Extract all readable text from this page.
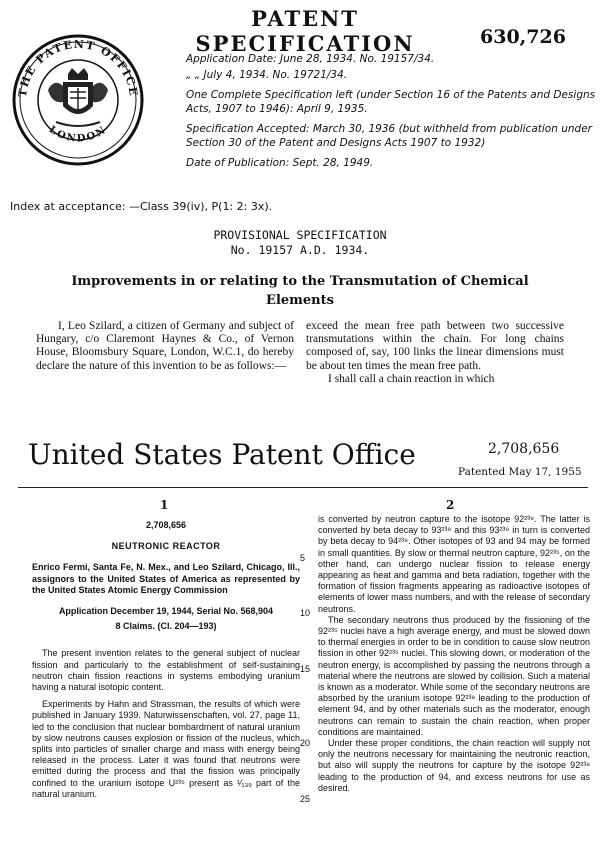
THE PATENT OFFICE
LONDON
PATENT SPECIFICATION	630,726

Application Date: June 28, 1934. No. 19157/34.

„ „ July 4, 1934. No. 19721/34.

One Complete Specification left (under Section 16 of the Patents and Designs Acts, 1907 to 1946): April 9, 1935.

Specification Accepted: March 30, 1936 (but withheld from publication under Section 30 of the Patent and Designs Acts 1907 to 1932)

Date of Publication: Sept. 28, 1949.

Index at acceptance: —Class 39(iv), P(1: 2: 3x).
PROVISIONAL SPECIFICATION
No. 19157 A.D. 1934.
Improvements in or relating to the Transmutation of Chemical
Elements

I, Leo Szilard, a citizen of Germany and subject of Hungary, c/o Claremont Haynes & Co., of Vernon House, Bloomsbury Square, London, W.C.1, do hereby declare the nature of this invention to be as follows:—

exceed the mean free path between two successive transmutations within the chain. For long chains composed of, say, 100 links the linear dimensions must be about ten times the mean free path.

I shall call a chain reaction in which

United States Patent Office	2,708,656
Patented May 17, 1955
1	2
2,708,656
NEUTRONIC REACTOR

Enrico Fermi, Santa Fe, N. Mex., and Leo Szilard, Chicago, Ill., assignors to the United States of America as represented by the United States Atomic Energy Commission

Application December 19, 1944, Serial No. 568,904
8 Claims. (Cl. 204—193)

The present invention relates to the general subject of nuclear fission and particularly to the establishment of self-sustaining neutron chain fission reactions in systems embodying uranium having a natural isotopic content.

Experiments by Hahn and Strassman, the results of which were published in January 1939. Naturwissenschaften, vol. 27, page 11, led to the conclusion that nuclear bombardment of natural uranium by slow neutrons causes explosion or fission of the nucleus, which splits into particles of smaller charge and mass with energy being released in the process. Later it was found that neutrons were emitted during the process and that the fission was principally confined to the uranium isotope U²³⁵ present as ¹⁄₁₃₉ part of the natural uranium.

5
10
15
20
25

is converted by neutron capture to the isotope 92²³⁹. The latter is converted by beta decay to 93²³⁹ and this 93²³⁹ in turn is converted by beta decay to 94²³⁹. Other isotopes of 93 and 94 may be formed in small quantities. By slow or thermal neutron capture, 92²³⁵, on the other hand, can undergo nuclear fission to release energy appearing as heat and gamma and beta radiation, together with the formation of fission fragments appearing as radioactive isotopes of elements of lower mass numbers, and with the release of secondary neutrons.

The secondary neutrons thus produced by the fissioning of the 92²³⁵ nuclei have a high average energy, and must be slowed down to thermal energies in order to be in condition to cause slow neutron fission in other 92²³⁵ nuclei. This slowing down, or moderation of the neutron energy, is accomplished by passing the neutrons through a material where the neutrons are slowed by collision. Such a material is known as a moderator. While some of the secondary neutrons are absorbed by the uranium isotope 92²³⁸ leading to the production of element 94, and by other materials such as the moderator, enough neutrons can remain to sustain the chain reaction, when proper conditions are maintained.

Under these proper conditions, the chain reaction will supply not only the neutrons necessary for maintaining the neutronic reaction, but also will supply the neutrons for capture by the isotope 92²³⁸ leading to the production of 94, and excess neutrons for use as desired.
